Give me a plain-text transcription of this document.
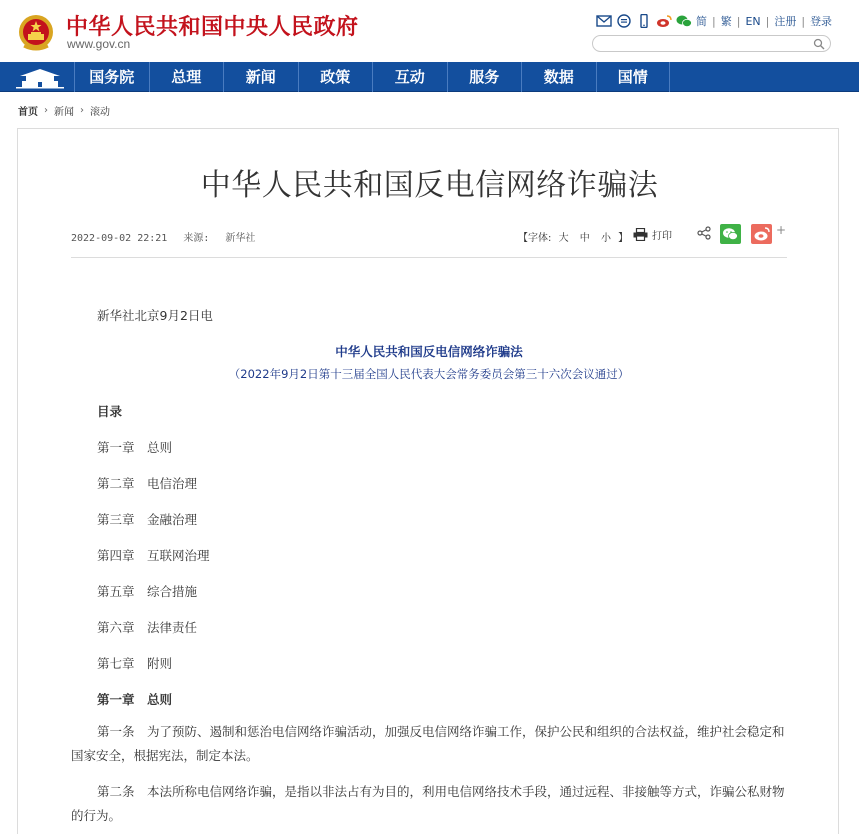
中华人民共和国中央人民政府
www.gov.cn
简 | 繁 | EN | 注册 | 登录
国务院	总理	新闻	政策	互动	服务	数据	国情
首页 › 新闻 › 滚动
中华人民共和国反电信网络诈骗法
2022-09-02 22:21 来源: 新华社	【字体: 大 中 小 】 打印	+
新华社北京9月2日电
中华人民共和国反电信网络诈骗法
（2022年9月2日第十三届全国人民代表大会常务委员会第三十六次会议通过）
目录
第一章　总则
第二章　电信治理
第三章　金融治理
第四章　互联网治理
第五章　综合措施
第六章　法律责任
第七章　附则
第一章　总则
第一条　为了预防、遏制和惩治电信网络诈骗活动，加强反电信网络诈骗工作，保护公民和组织的合法权益，维护社会稳定和国家安全，根据宪法，制定本法。
第二条　本法所称电信网络诈骗，是指以非法占有为目的，利用电信网络技术手段，通过远程、非接触等方式，诈骗公私财物的行为。
